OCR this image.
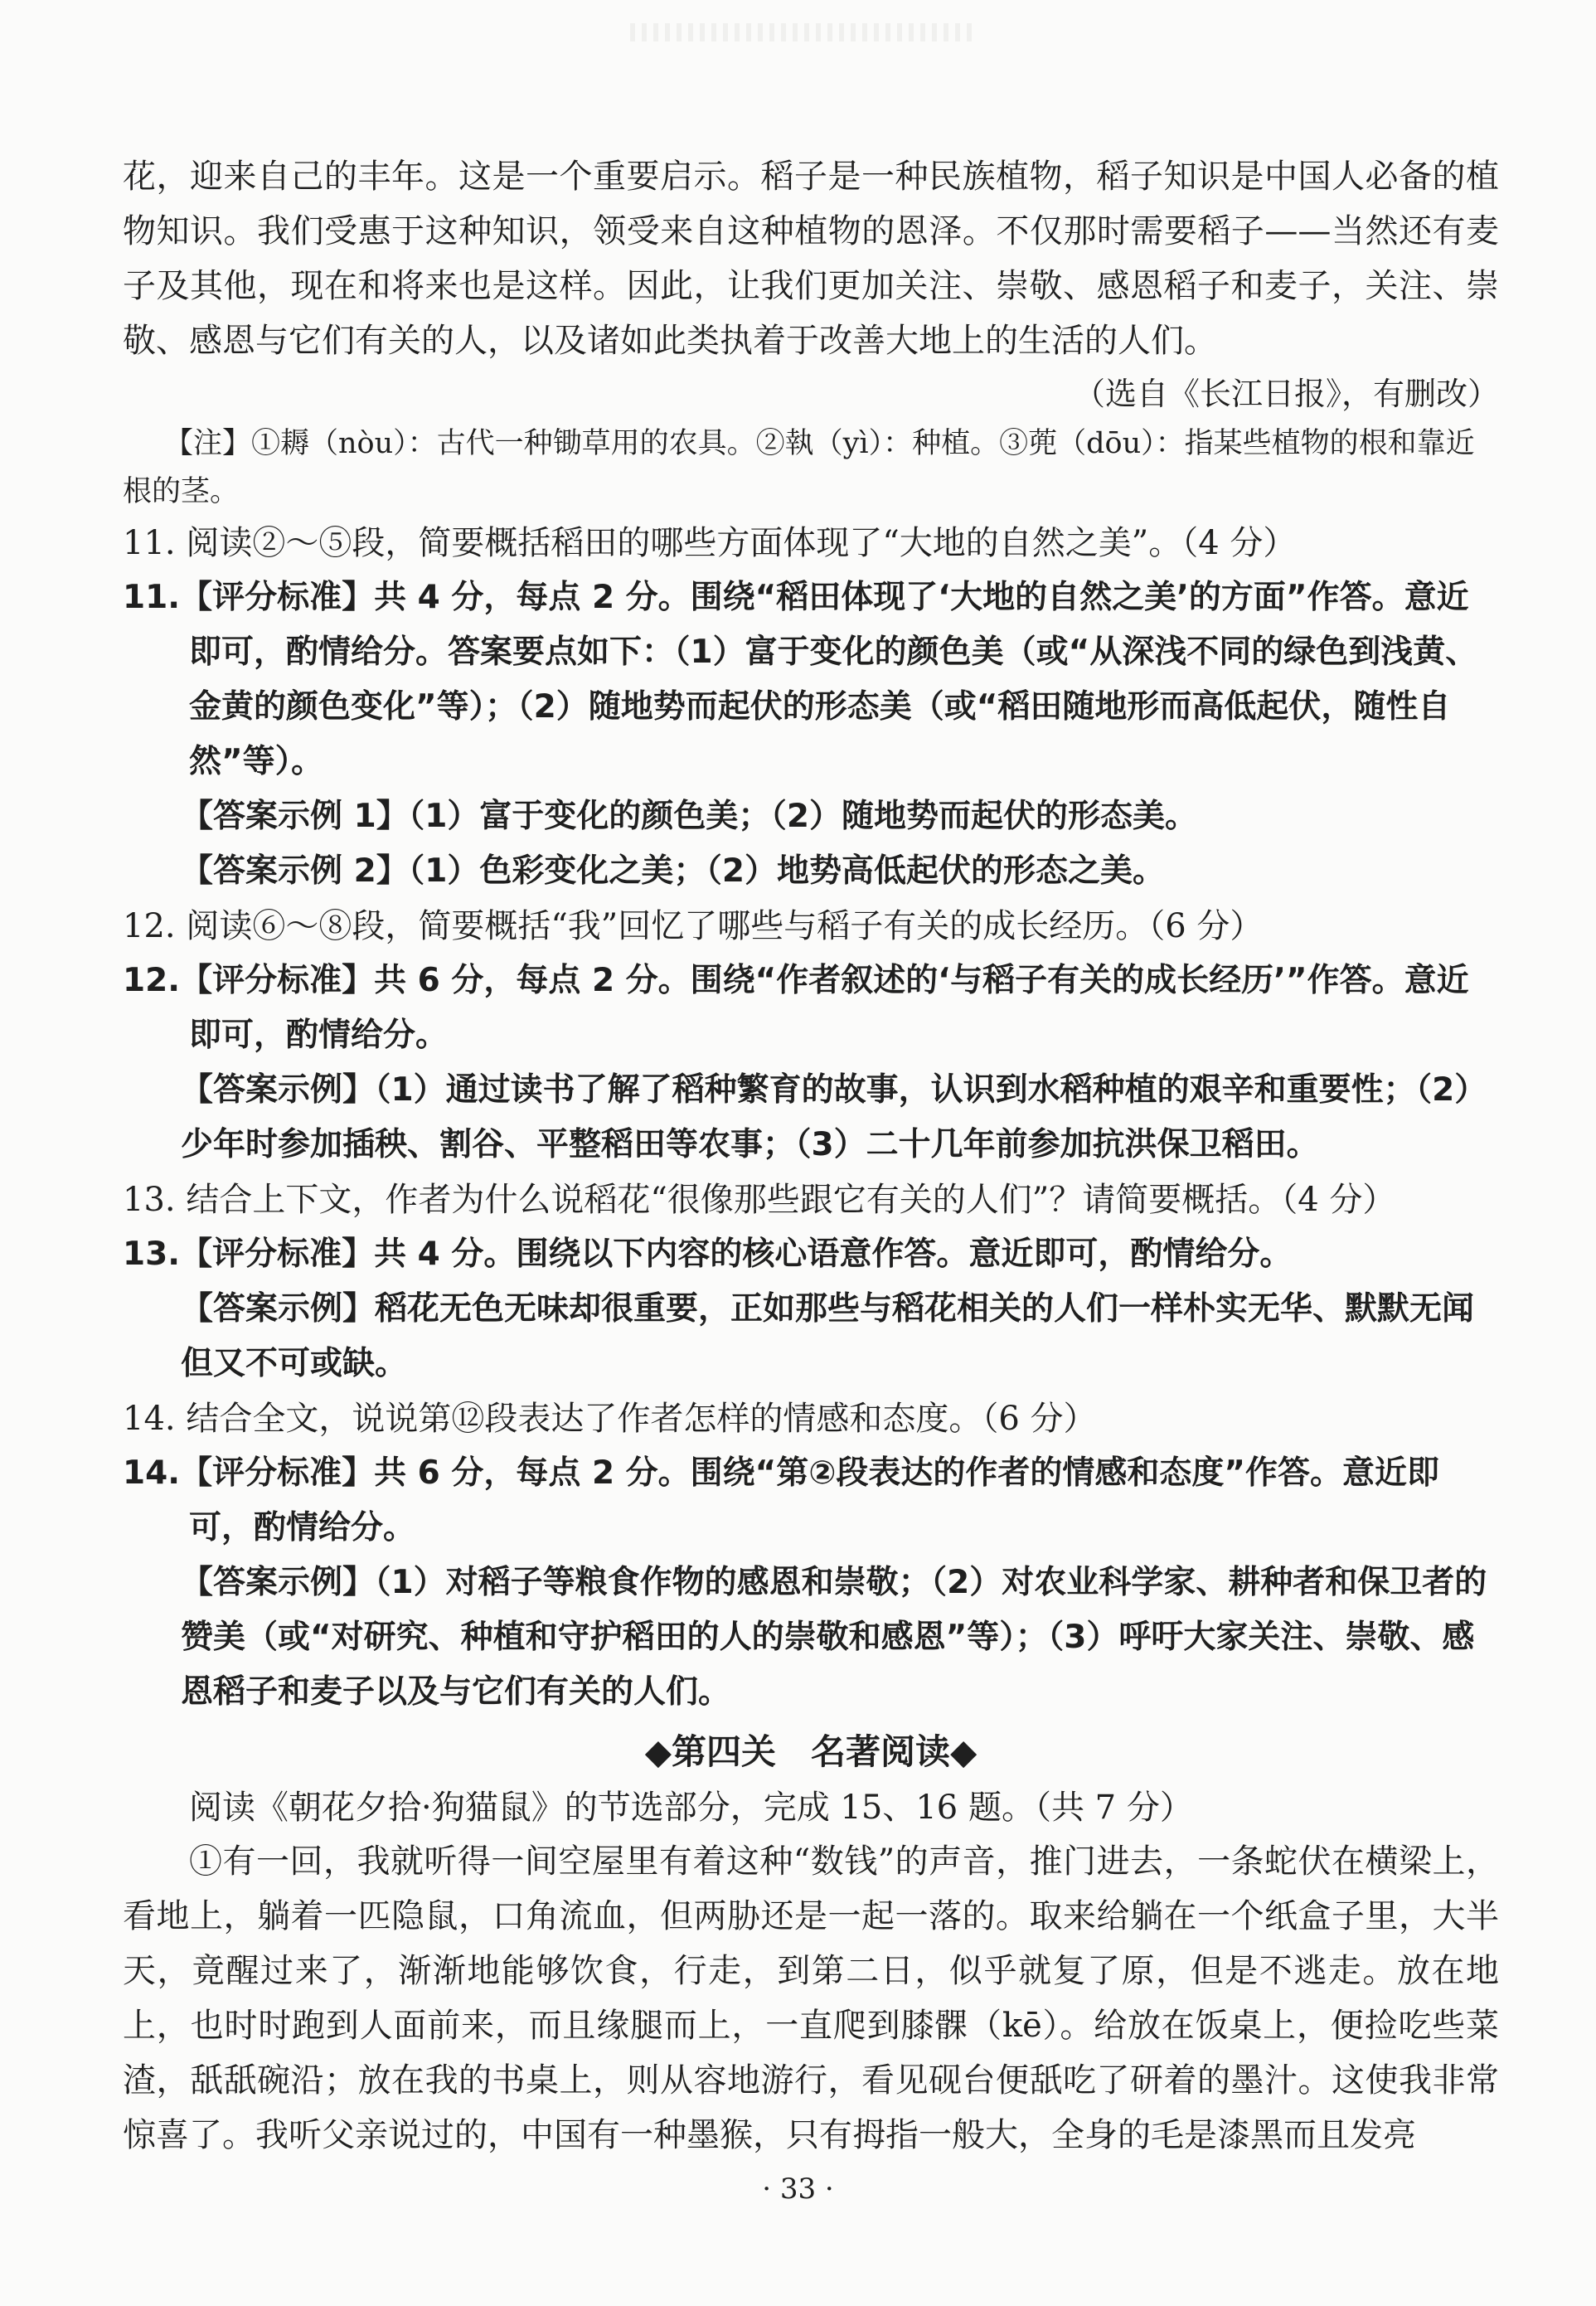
花，迎来自己的丰年。这是一个重要启示。稻子是一种民族植物，稻子知识是中国人必备的植物知识。我们受惠于这种知识，领受来自这种植物的恩泽。不仅那时需要稻子——当然还有麦子及其他，现在和将来也是这样。因此，让我们更加关注、崇敬、感恩稻子和麦子，关注、崇敬、感恩与它们有关的人，以及诸如此类执着于改善大地上的生活的人们。

（选自《长江日报》，有删改）

【注】①耨（nòu）：古代一种锄草用的农具。②執（yì）：种植。③蔸（dōu）：指某些植物的根和靠近根的茎。

11. 阅读②～⑤段，简要概括稻田的哪些方面体现了“大地的自然之美”。（4 分）

11.【评分标准】共 4 分，每点 2 分。围绕“稻田体现了‘大地的自然之美’的方面”作答。意近即可，酌情给分。答案要点如下：（1）富于变化的颜色美（或“从深浅不同的绿色到浅黄、金黄的颜色变化”等）；（2）随地势而起伏的形态美（或“稻田随地形而高低起伏，随性自然”等）。

【答案示例 1】（1）富于变化的颜色美；（2）随地势而起伏的形态美。

【答案示例 2】（1）色彩变化之美；（2）地势高低起伏的形态之美。

12. 阅读⑥～⑧段，简要概括“我”回忆了哪些与稻子有关的成长经历。（6 分）

12.【评分标准】共 6 分，每点 2 分。围绕“作者叙述的‘与稻子有关的成长经历’”作答。意近即可，酌情给分。

【答案示例】（1）通过读书了解了稻种繁育的故事，认识到水稻种植的艰辛和重要性；（2）少年时参加插秧、割谷、平整稻田等农事；（3）二十几年前参加抗洪保卫稻田。

13. 结合上下文，作者为什么说稻花“很像那些跟它有关的人们”？请简要概括。（4 分）

13.【评分标准】共 4 分。围绕以下内容的核心语意作答。意近即可，酌情给分。

【答案示例】稻花无色无味却很重要，正如那些与稻花相关的人们一样朴实无华、默默无闻但又不可或缺。

14. 结合全文，说说第⑫段表达了作者怎样的情感和态度。（6 分）

14.【评分标准】共 6 分，每点 2 分。围绕“第②段表达的作者的情感和态度”作答。意近即可，酌情给分。

【答案示例】（1）对稻子等粮食作物的感恩和崇敬；（2）对农业科学家、耕种者和保卫者的赞美（或“对研究、种植和守护稻田的人的崇敬和感恩”等）；（3）呼吁大家关注、崇敬、感恩稻子和麦子以及与它们有关的人们。

◆第四关　名著阅读◆

阅读《朝花夕拾·狗猫鼠》的节选部分，完成 15、16 题。（共 7 分）

①有一回，我就听得一间空屋里有着这种“数钱”的声音，推门进去，一条蛇伏在横梁上，看地上，躺着一匹隐鼠，口角流血，但两胁还是一起一落的。取来给躺在一个纸盒子里，大半天，竟醒过来了，渐渐地能够饮食，行走，到第二日，似乎就复了原，但是不逃走。放在地上，也时时跑到人面前来，而且缘腿而上，一直爬到膝髁（kē）。给放在饭桌上，便捡吃些菜渣，舐舐碗沿；放在我的书桌上，则从容地游行，看见砚台便舐吃了研着的墨汁。这使我非常惊喜了。我听父亲说过的，中国有一种墨猴，只有拇指一般大，全身的毛是漆黑而且发亮

· 33 ·
